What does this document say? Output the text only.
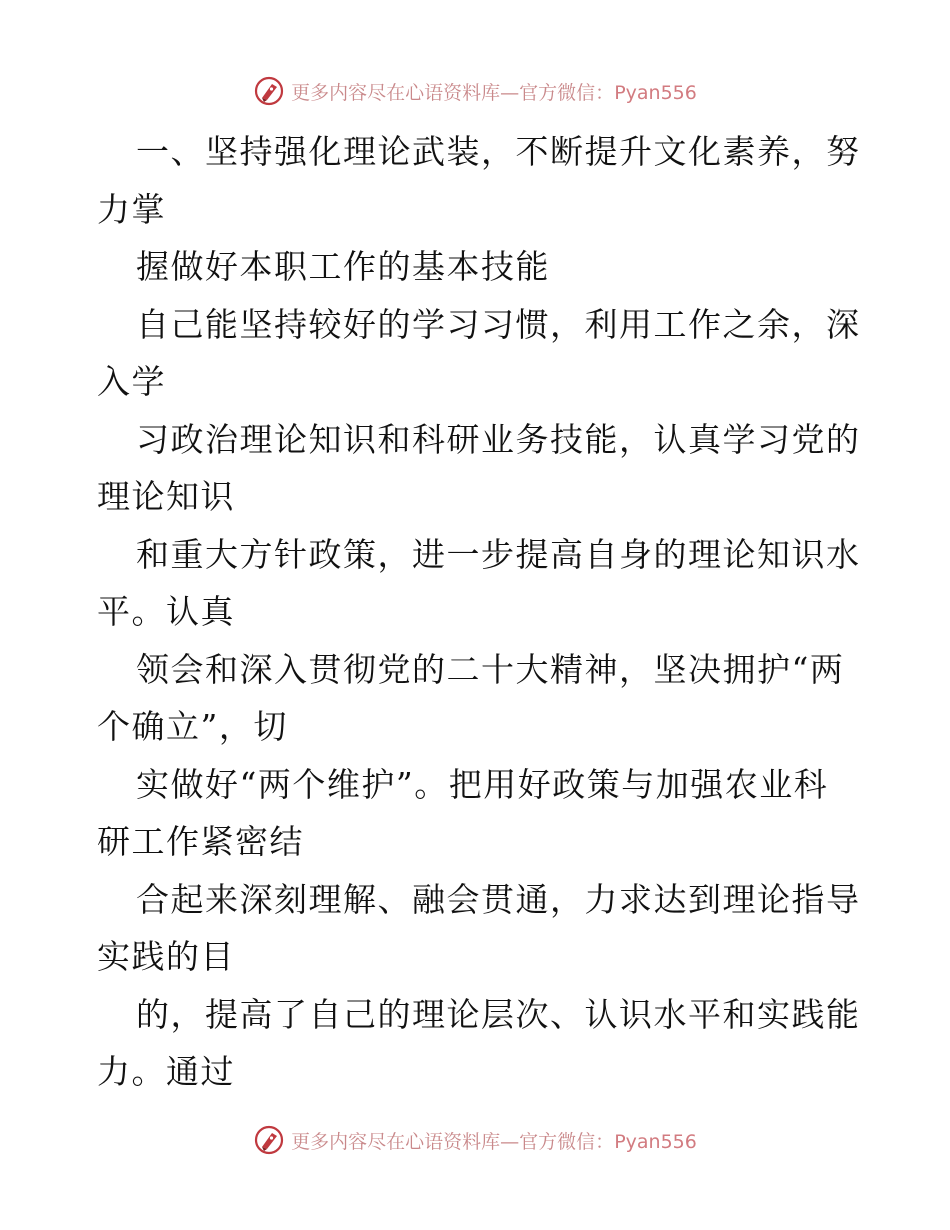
更多内容尽在心语资料库—官方微信：Pyan556
一、坚持强化理论武装，不断提升文化素养，努
力掌
握做好本职工作的基本技能
自己能坚持较好的学习习惯，利用工作之余，深
入学
习政治理论知识和科研业务技能，认真学习党的
理论知识
和重大方针政策，进一步提高自身的理论知识水
平。认真
领会和深入贯彻党的二十大精神，坚决拥护“两
个确立”，切
实做好“两个维护”。把用好政策与加强农业科
研工作紧密结
合起来深刻理解、融会贯通，力求达到理论指导
实践的目
的，提高了自己的理论层次、认识水平和实践能
力。通过
更多内容尽在心语资料库—官方微信：Pyan556
